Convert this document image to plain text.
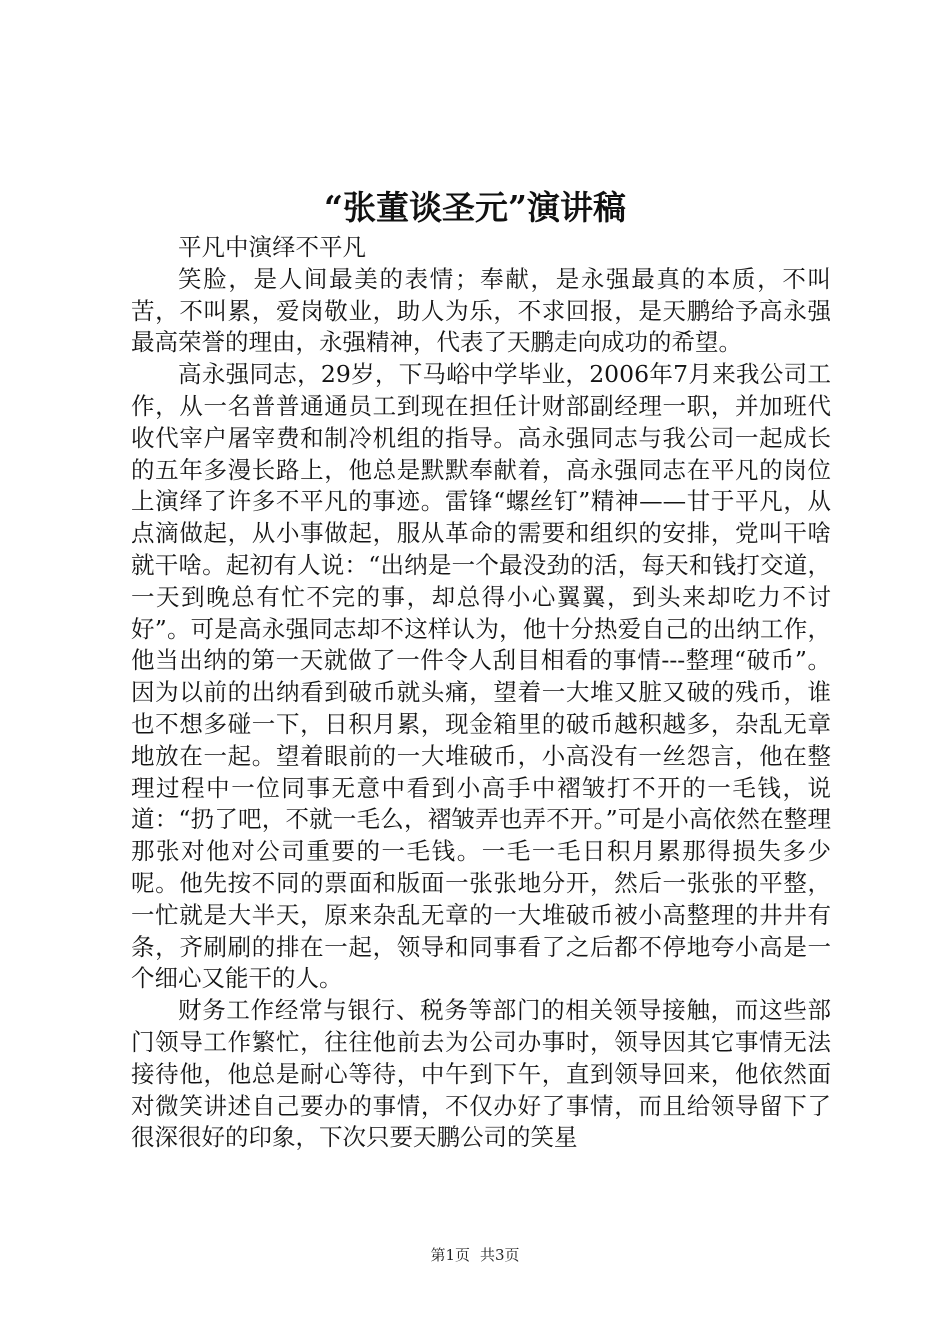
“张董谈圣元”演讲稿

平凡中演绎不平凡

笑脸，是人间最美的表情；奉献，是永强最真的本质，不叫苦，不叫累，爱岗敬业，助人为乐，不求回报，是天鹏给予高永强最高荣誉的理由，永强精神，代表了天鹏走向成功的希望。

高永强同志，29岁，下马峪中学毕业，2006年7月来我公司工作，从一名普普通通员工到现在担任计财部副经理一职，并加班代收代宰户屠宰费和制冷机组的指导。高永强同志与我公司一起成长的五年多漫长路上，他总是默默奉献着，高永强同志在平凡的岗位上演绎了许多不平凡的事迹。雷锋“螺丝钉”精神——甘于平凡，从点滴做起，从小事做起，服从革命的需要和组织的安排，党叫干啥就干啥。起初有人说：“出纳是一个最没劲的活，每天和钱打交道，一天到晚总有忙不完的事，却总得小心翼翼，到头来却吃力不讨好”。可是高永强同志却不这样认为，他十分热爱自己的出纳工作，他当出纳的第一天就做了一件令人刮目相看的事情---整理“破币”。因为以前的出纳看到破币就头痛，望着一大堆又脏又破的残币，谁也不想多碰一下，日积月累，现金箱里的破币越积越多，杂乱无章地放在一起。望着眼前的一大堆破币，小高没有一丝怨言，他在整理过程中一位同事无意中看到小高手中褶皱打不开的一毛钱，说道：“扔了吧，不就一毛么，褶皱弄也弄不开。”可是小高依然在整理那张对他对公司重要的一毛钱。一毛一毛日积月累那得损失多少呢。他先按不同的票面和版面一张张地分开，然后一张张的平整，一忙就是大半天，原来杂乱无章的一大堆破币被小高整理的井井有条，齐刷刷的排在一起，领导和同事看了之后都不停地夸小高是一个细心又能干的人。

财务工作经常与银行、税务等部门的相关领导接触，而这些部门领导工作繁忙，往往他前去为公司办事时，领导因其它事情无法接待他，他总是耐心等待，中午到下午，直到领导回来，他依然面对微笑讲述自己要办的事情，不仅办好了事情，而且给领导留下了很深很好的印象，下次只要天鹏公司的笑星

第1页 共3页
